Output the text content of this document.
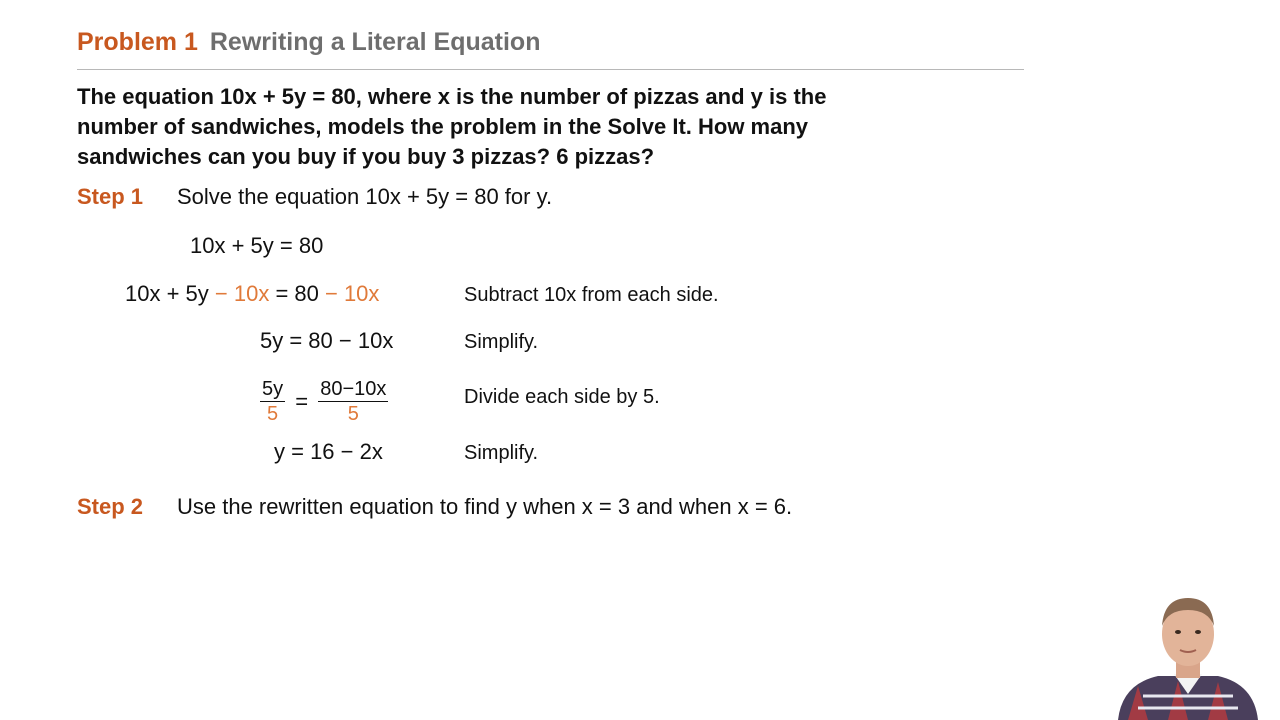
Problem 1 Rewriting a Literal Equation
The equation 10x + 5y = 80, where x is the number of pizzas and y is the
number of sandwiches, models the problem in the Solve It. How many
sandwiches can you buy if you buy 3 pizzas? 6 pizzas?
Step 1 Solve the equation 10x + 5y = 80 for y.
10x + 5y = 80
10x + 5y − 10x = 80 − 10x	Subtract 10x from each side.
5y = 80 − 10x	Simplify.
$\frac{5y}{5} = \frac{80-10x}{5}$	Divide each side by 5.
y = 16 − 2x	Simplify.
Step 2 Use the rewritten equation to find y when x = 3 and when x = 6.
